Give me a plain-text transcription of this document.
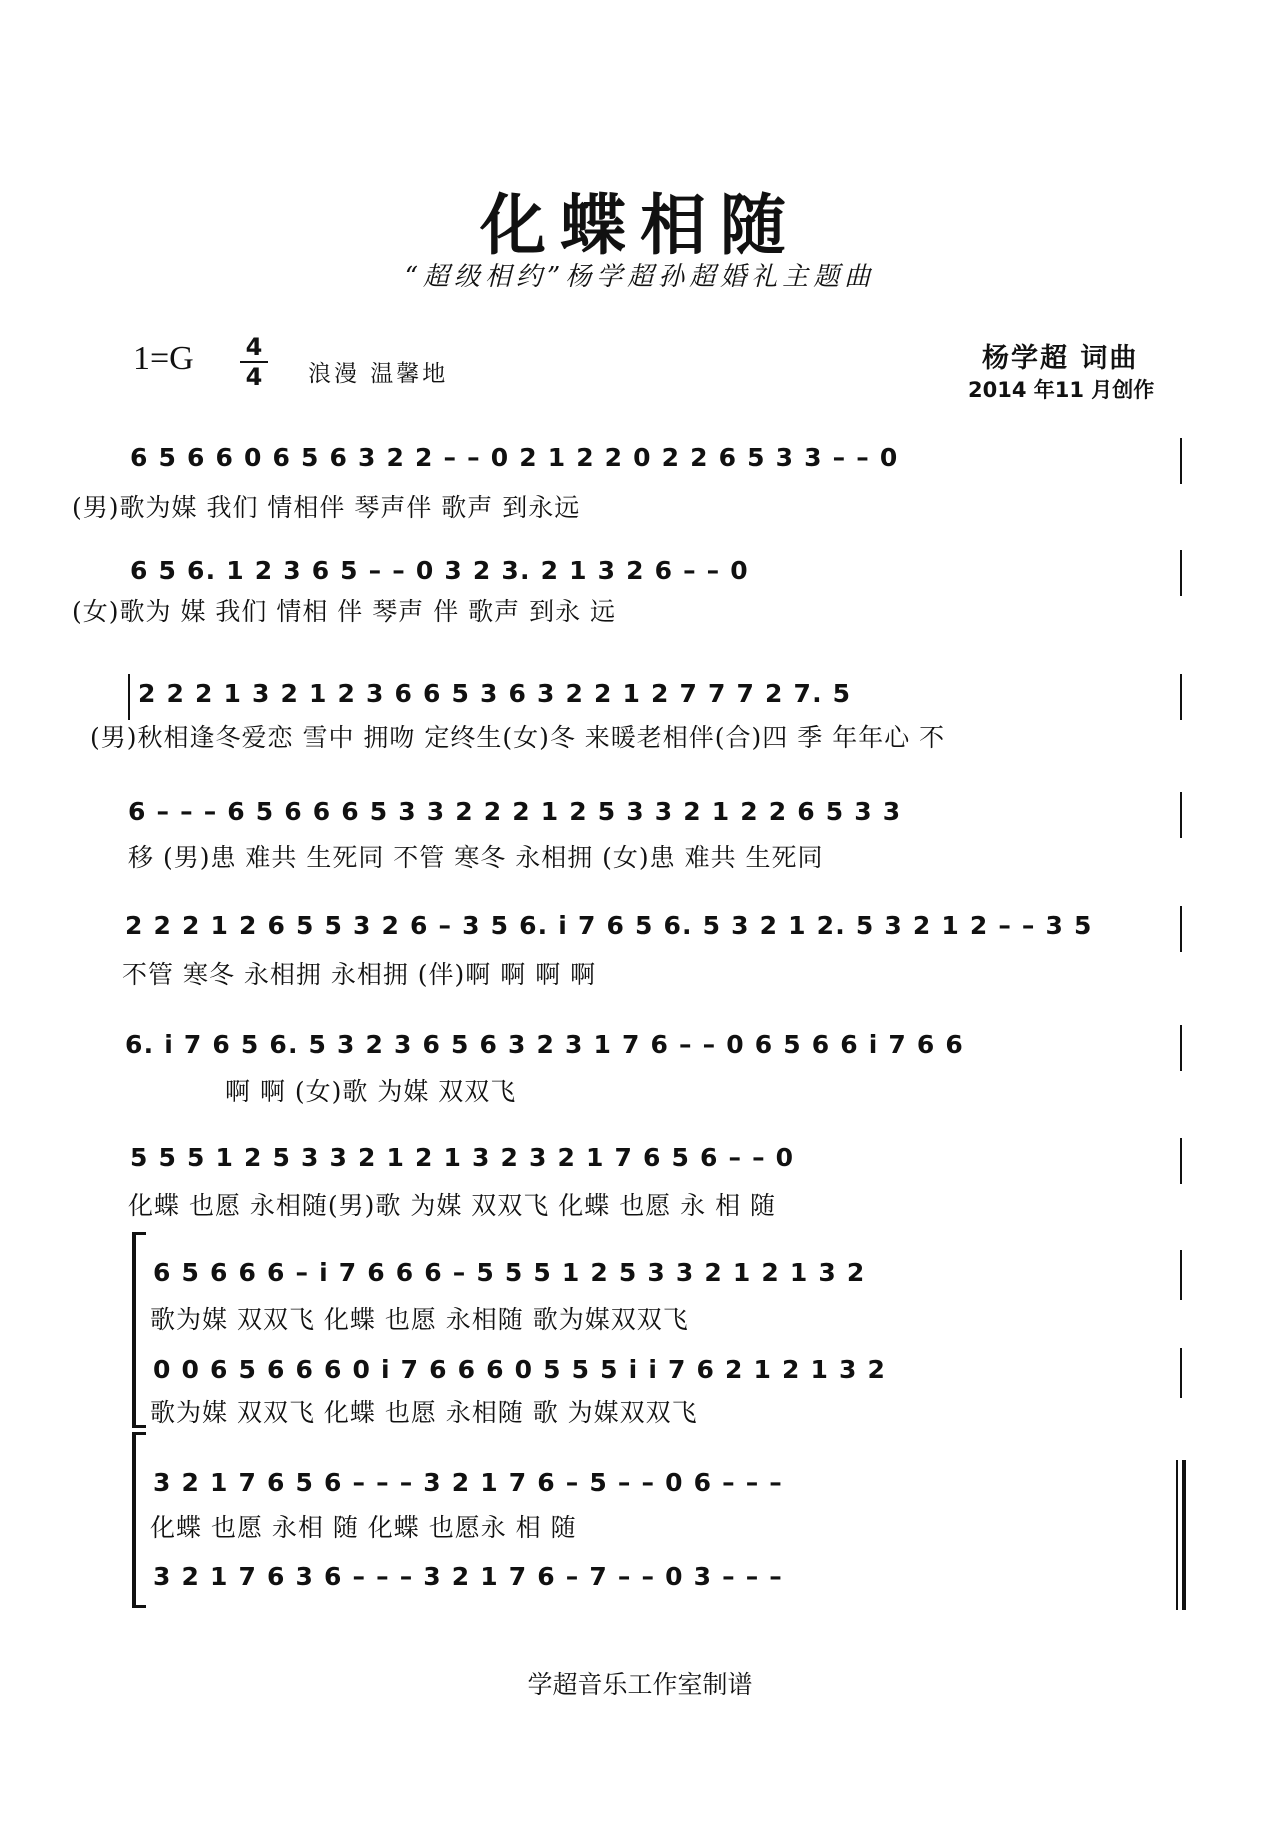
化蝶相随
“超级相约”杨学超孙超婚礼主题曲
1=G 4
4 浪漫 温馨地	杨学超 词曲
2014 年11 月创作
6 5 6 6 0 6 5 6 3 2 2 – – 0 2 1 2 2 0 2 2 6 5 3 3 – – 0
(男)歌为媒 我们 情相伴 琴声伴 歌声 到永远
6 5 6. 1 2 3 6 5 – – 0 3 2 3. 2 1 3 2 6 – – 0
(女)歌为 媒 我们 情相 伴 琴声 伴 歌声 到永 远
2 2 2 1 3 2 1 2 3 6 6 5 3 6 3 2 2 1 2 7 7 7 2 7. 5
(男)秋相逢冬爱恋 雪中 拥吻 定终生(女)冬 来暖老相伴(合)四 季 年年心 不
6 – – – 6 5 6 6 6 5 3 3 2 2 2 1 2 5 3 3 2 1 2 2 6 5 3 3
移 (男)患 难共 生死同 不管 寒冬 永相拥 (女)患 难共 生死同
2 2 2 1 2 6 5 5 3 2 6 – 3 5 6. i 7 6 5 6. 5 3 2 1 2. 5 3 2 1 2 – – 3 5
不管 寒冬 永相拥 永相拥 (伴)啊 啊 啊 啊
6. i 7 6 5 6. 5 3 2 3 6 5 6 3 2 3 1 7 6 – – 0 6 5 6 6 i 7 6 6
啊 啊 (女)歌 为媒 双双飞
5 5 5 1 2 5 3 3 2 1 2 1 3 2 3 2 1 7 6 5 6 – – 0
化蝶 也愿 永相随(男)歌 为媒 双双飞 化蝶 也愿 永 相 随
6 5 6 6 6 – i 7 6 6 6 – 5 5 5 1 2 5 3 3 2 1 2 1 3 2
歌为媒 双双飞 化蝶 也愿 永相随 歌为媒双双飞
0 0 6 5 6 6 6 0 i 7 6 6 6 0 5 5 5 i i 7 6 2 1 2 1 3 2
歌为媒 双双飞 化蝶 也愿 永相随 歌 为媒双双飞
3 2 1 7 6 5 6 – – – 3 2 1 7 6 – 5 – – 0 6 – – –
化蝶 也愿 永相 随 化蝶 也愿永 相 随
3 2 1 7 6 3 6 – – – 3 2 1 7 6 – 7 – – 0 3 – – –
学超音乐工作室制谱
